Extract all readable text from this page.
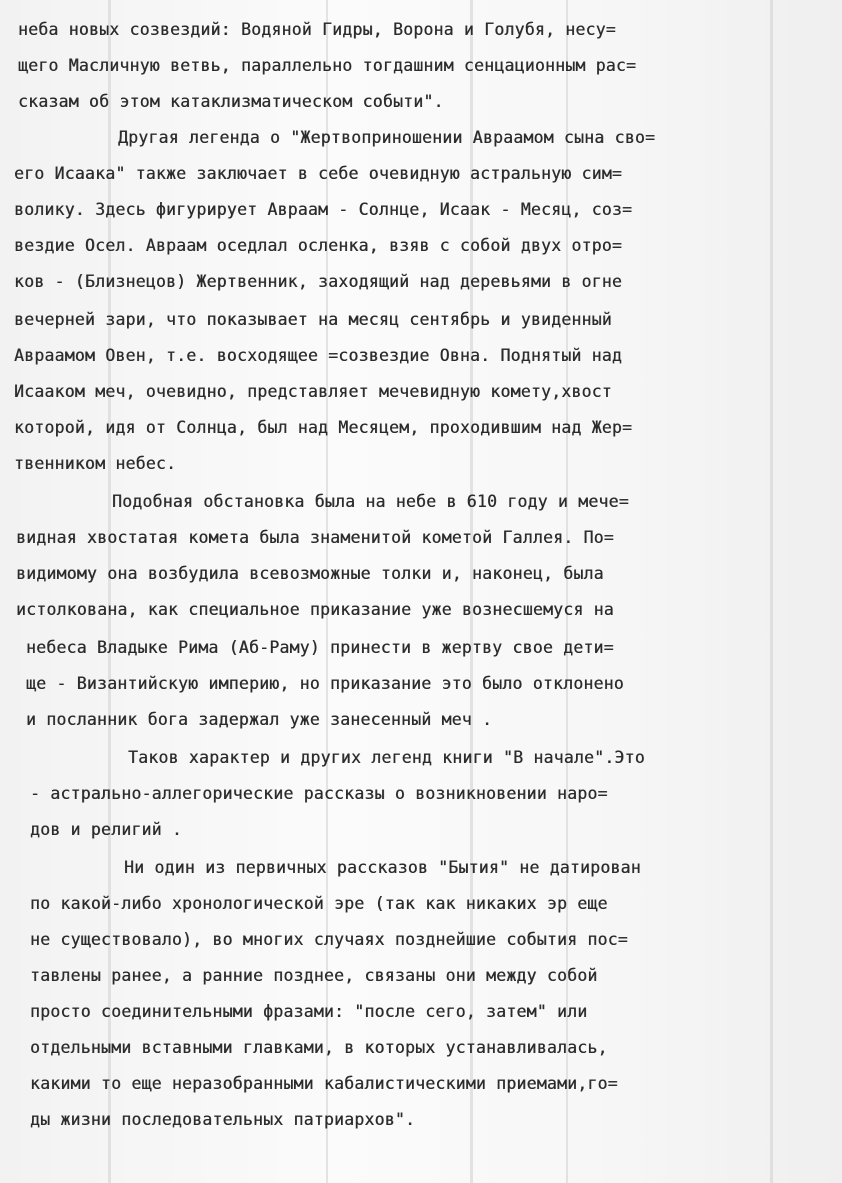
неба новых созвездий: Водяной Гидры, Ворона и Голубя, несу=
щего Масличную ветвь, параллельно тогдашним сенцационным рас=
сказам об этом катаклизматическом событи".
Другая легенда о "Жертвоприношении Авраамом сына сво=
его Исаака" также заключает в себе очевидную астральную сим=
волику. Здесь фигурирует Авраам - Солнце, Исаак - Месяц, соз=
вездие Осел. Авраам оседлал осленка, взяв с собой двух отро=
ков - (Близнецов) Жертвенник, заходящий над деревьями в огне
вечерней зари, что показывает на месяц сентябрь и увиденный
Авраамом Овен, т.е. восходящее =созвездие Овна. Поднятый над
Исааком меч, очевидно, представляет мечевидную комету,хвост
которой, идя от Солнца, был над Месяцем, проходившим над Жер=
твенником небес.
Подобная обстановка была на небе в 610 году и мече=
видная хвостатая комета была знаменитой кометой Галлея. По=
видимому она возбудила всевозможные толки и, наконец, была
истолкована, как специальное приказание уже вознесшемуся на
небеса Владыке Рима (Аб-Раму) принести в жертву свое дети=
ще - Византийскую империю, но приказание это было отклонено
и посланник бога задержал уже занесенный меч .
Таков характер и других легенд книги "В начале".Это
- астрально-аллегорические рассказы о возникновении наро=
дов и религий .
Ни один из первичных рассказов "Бытия" не датирован
по какой-либо хронологической эре (так как никаких эр еще
не существовало), во многих случаях позднейшие события пос=
тавлены ранее, а ранние позднее, связаны они между собой
просто соединительными фразами: "после сего, затем" или
отдельными вставными главками, в которых устанавливалась,
какими то еще неразобранными кабалистическими приемами,го=
ды жизни последовательных патриархов".
